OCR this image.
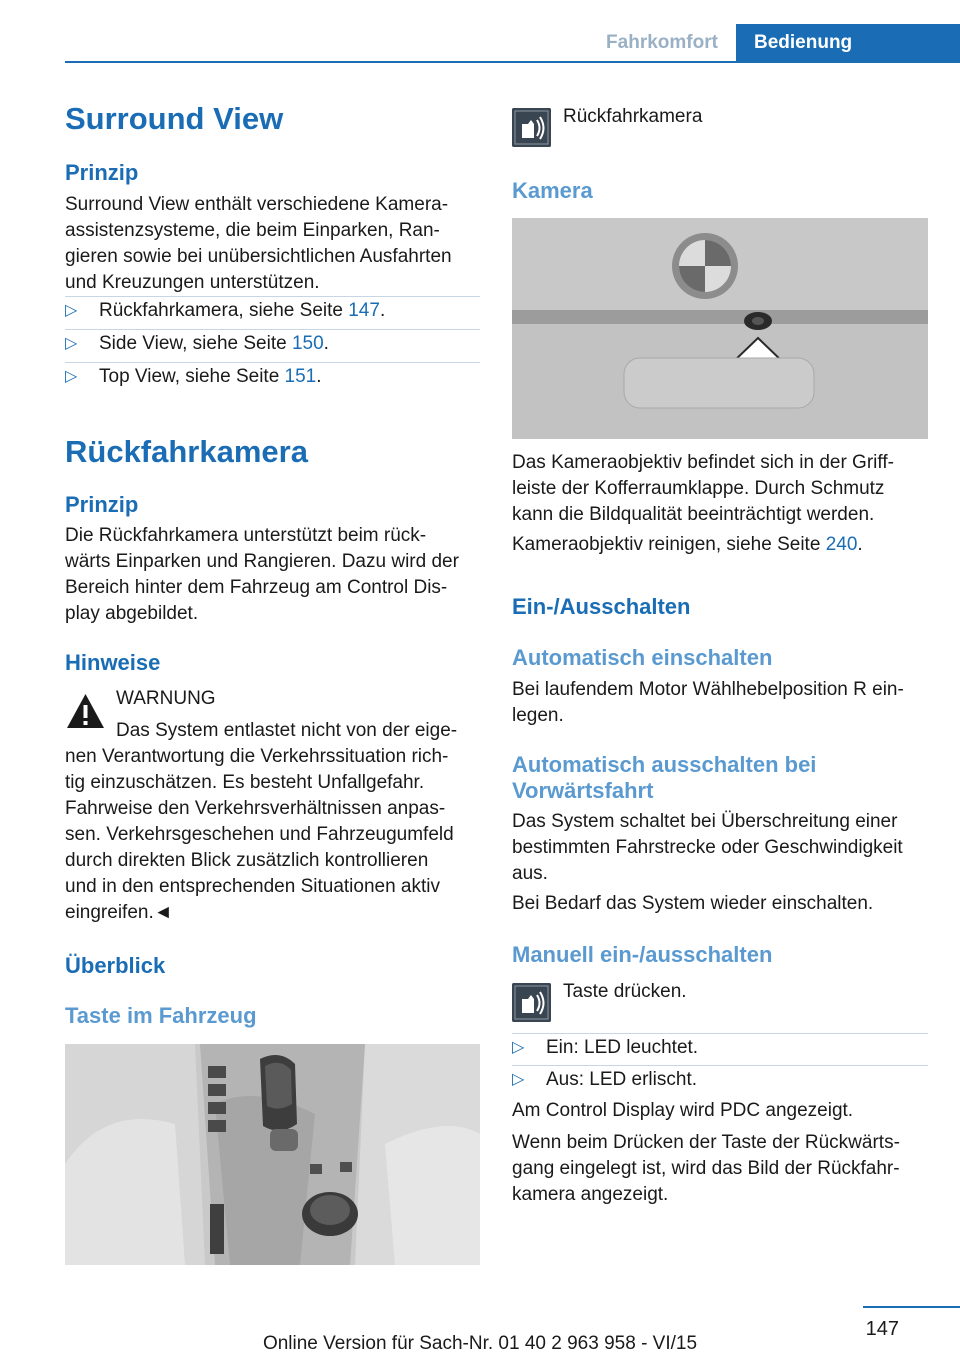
Fahrkomfort	Bedienung
Surround View
Prinzip
Surround View enthält verschiedene Kamera-
assistenzsysteme, die beim Einparken, Ran-
gieren sowie bei unübersichtlichen Ausfahrten
und Kreuzungen unterstützen.
▷ Rückfahrkamera, siehe Seite 147.
▷ Side View, siehe Seite 150.
▷ Top View, siehe Seite 151.
Rückfahrkamera
Prinzip
Die Rückfahrkamera unterstützt beim rück-
wärts Einparken und Rangieren. Dazu wird der
Bereich hinter dem Fahrzeug am Control Dis-
play abgebildet.
Hinweise
WARNUNG
Das System entlastet nicht von der eige-
nen Verantwortung die Verkehrssituation rich-
tig einzuschätzen. Es besteht Unfallgefahr.
Fahrweise den Verkehrsverhältnissen anpas-
sen. Verkehrsgeschehen und Fahrzeugumfeld
durch direkten Blick zusätzlich kontrollieren
und in den entsprechenden Situationen aktiv
eingreifen.◄
Überblick
Taste im Fahrzeug
Rückfahrkamera
Kamera
Das Kameraobjektiv befindet sich in der Griff-
leiste der Kofferraumklappe. Durch Schmutz
kann die Bildqualität beeinträchtigt werden.
Kameraobjektiv reinigen, siehe Seite 240.
Ein-/Ausschalten
Automatisch einschalten
Bei laufendem Motor Wählhebelposition R ein-
legen.
Automatisch ausschalten bei
Vorwärtsfahrt
Das System schaltet bei Überschreitung einer
bestimmten Fahrstrecke oder Geschwindigkeit
aus.
Bei Bedarf das System wieder einschalten.
Manuell ein-/ausschalten
Taste drücken.
▷ Ein: LED leuchtet.
▷ Aus: LED erlischt.
Am Control Display wird PDC angezeigt.
Wenn beim Drücken der Taste der Rückwärts-
gang eingelegt ist, wird das Bild der Rückfahr-
kamera angezeigt.
147
Online Version für Sach-Nr. 01 40 2 963 958 - VI/15
